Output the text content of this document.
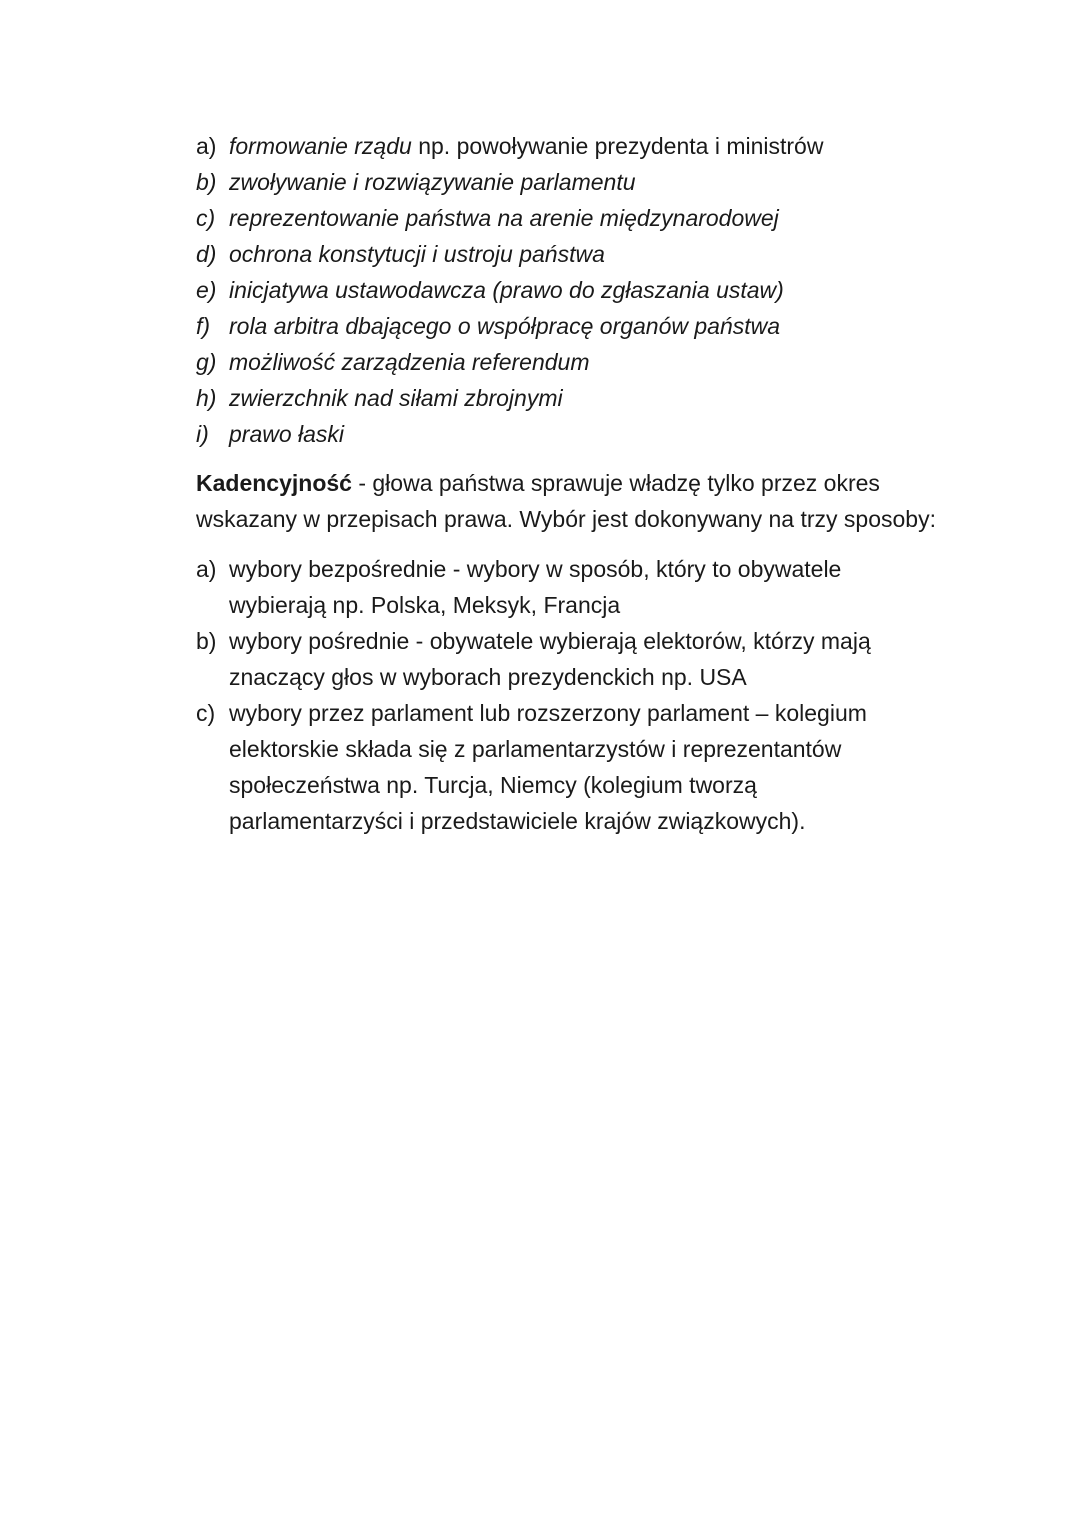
a) formowanie rządu np. powoływanie prezydenta i ministrów
b) zwoływanie i rozwiązywanie parlamentu
c) reprezentowanie państwa na arenie międzynarodowej
d) ochrona konstytucji i ustroju państwa
e) inicjatywa ustawodawcza (prawo do zgłaszania ustaw)
f) rola arbitra dbającego o współpracę organów państwa
g) możliwość zarządzenia referendum
h) zwierzchnik nad siłami zbrojnymi
i) prawo łaski

Kadencyjność - głowa państwa sprawuje władzę tylko przez okres wskazany w przepisach prawa. Wybór jest dokonywany na trzy sposoby:

a) wybory bezpośrednie - wybory w sposób, który to obywatele wybierają np. Polska, Meksyk, Francja
b) wybory pośrednie - obywatele wybierają elektorów, którzy mają znaczący głos w wyborach prezydenckich np. USA
c) wybory przez parlament lub rozszerzony parlament – kolegium elektorskie składa się z parlamentarzystów i reprezentantów społeczeństwa np. Turcja, Niemcy (kolegium tworzą parlamentarzyści i przedstawiciele krajów związkowych).
